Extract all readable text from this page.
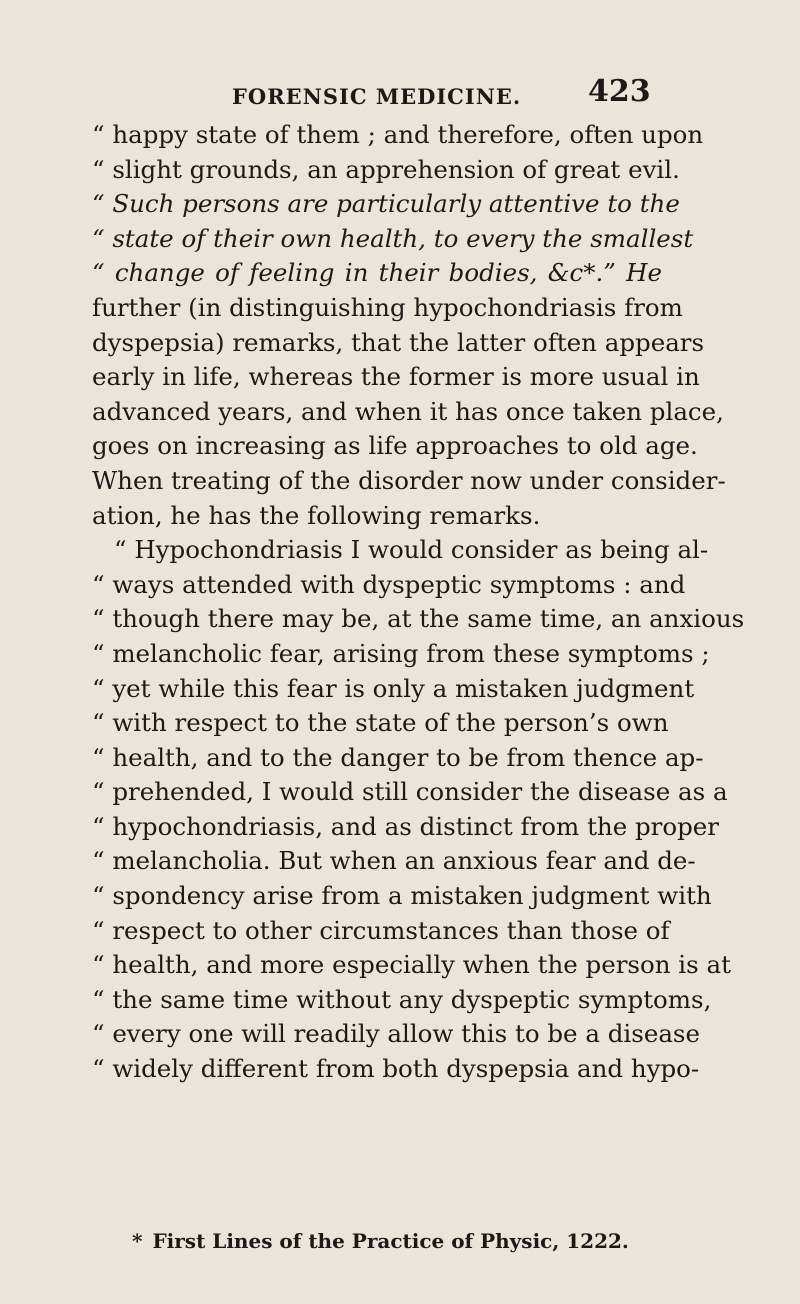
FORENSIC MEDICINE. 423
“ happy state of them ; and therefore, often upon
“ slight grounds, an apprehension of great evil.
“ Such persons are particularly attentive to the
“ state of their own health, to every the smallest
“ change of feeling in their bodies, &c*.” He
further (in distinguishing hypochondriasis from
dyspepsia) remarks, that the latter often appears
early in life, whereas the former is more usual in
advanced years, and when it has once taken place,
goes on increasing as life approaches to old age.
When treating of the disorder now under consider-
ation, he has the following remarks.
“ Hypochondriasis I would consider as being al-
“ ways attended with dyspeptic symptoms : and
“ though there may be, at the same time, an anxious
“ melancholic fear, arising from these symptoms ;
“ yet while this fear is only a mistaken judgment
“ with respect to the state of the person’s own
“ health, and to the danger to be from thence ap-
“ prehended, I would still consider the disease as a
“ hypochondriasis, and as distinct from the proper
“ melancholia. But when an anxious fear and de-
“ spondency arise from a mistaken judgment with
“ respect to other circumstances than those of
“ health, and more especially when the person is at
“ the same time without any dyspeptic symptoms,
“ every one will readily allow this to be a disease
“ widely different from both dyspepsia and hypo-
* First Lines of the Practice of Physic, 1222.
